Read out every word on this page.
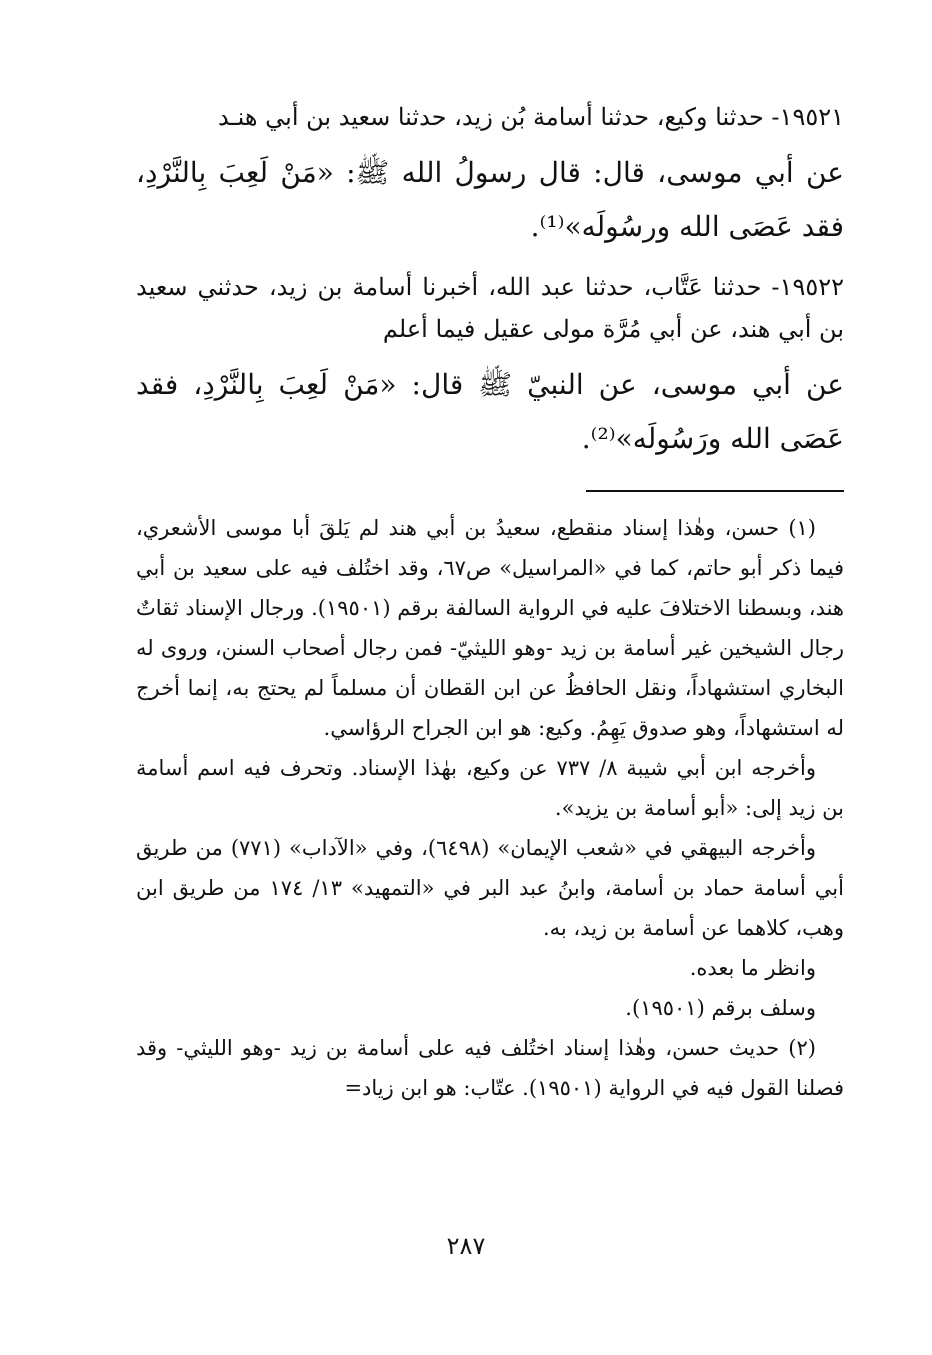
١٩٥٢١- حدثنا وكيع، حدثنا أسامة بُن زيد، حدثنا سعيد بن أبي هنـد

عن أبي موسى، قال: قال رسولُ الله ﷺ: «مَنْ لَعِبَ بِالنَّرْدِ، فقد عَصَى الله ورسُولَه»⁽¹⁾.

١٩٥٢٢- حدثنا عَتَّاب، حدثنا عبد الله، أخبرنا أسامة بن زيد، حدثني سعيد بن أبي هند، عن أبي مُرَّة مولى عقيل فيما أعلم

عن أبي موسى، عن النبيّ ﷺ قال: «مَنْ لَعِبَ بِالنَّرْدِ، فقد عَصَى الله ورَسُولَه»⁽²⁾.

(١) حسن، وهٰذا إسناد منقطع، سعيدُ بن أبي هند لم يَلقَ أبا موسى الأشعري، فيما ذكر أبو حاتم، كما في «المراسيل» ص٦٧، وقد اختُلف فيه على سعيد بن أبي هند، وبسطنا الاختلافَ عليه في الرواية السالفة برقم (١٩٥٠١). ورجال الإسناد ثقاتٌ رجال الشيخين غير أسامة بن زيد -وهو الليثيّ- فمن رجال أصحاب السنن، وروى له البخاري استشهاداً، ونقل الحافظُ عن ابن القطان أن مسلماً لم يحتج به، إنما أخرج له استشهاداً، وهو صدوق يَهِمُ. وكيع: هو ابن الجراح الرؤاسي.

وأخرجه ابن أبي شيبة ٨/ ٧٣٧ عن وكيع، بهٰذا الإسناد. وتحرف فيه اسم أسامة بن زيد إلى: «أبو أسامة بن يزيد».

وأخرجه البيهقي في «شعب الإيمان» (٦٤٩٨)، وفي «الآداب» (٧٧١) من طريق أبي أسامة حماد بن أسامة، وابنُ عبد البر في «التمهيد» ١٣/ ١٧٤ من طريق ابن وهب، كلاهما عن أسامة بن زيد، به.

وانظر ما بعده.

وسلف برقم (١٩٥٠١).

(٢) حديث حسن، وهٰذا إسناد اختُلف فيه على أسامة بن زيد -وهو الليثي- وقد فصلنا القول فيه في الرواية (١٩٥٠١). عتّاب: هو ابن زياد=

٢٨٧
